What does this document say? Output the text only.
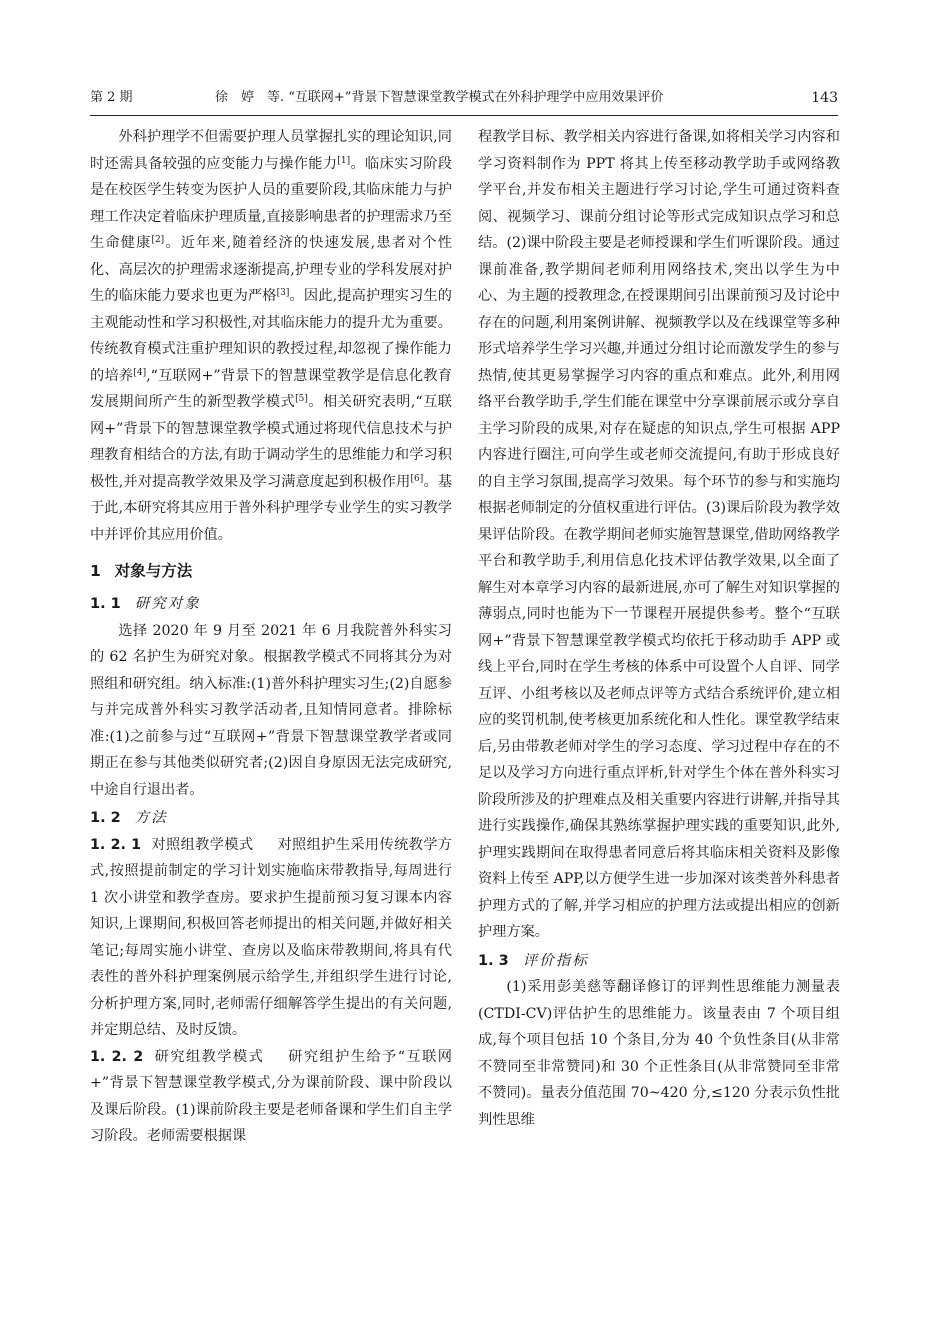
第 2 期	徐　婷　等. “互联网+”背景下智慧课堂教学模式在外科护理学中应用效果评价	143

外科护理学不但需要护理人员掌握扎实的理论知识,同时还需具备较强的应变能力与操作能力[1]。临床实习阶段是在校医学生转变为医护人员的重要阶段,其临床能力与护理工作决定着临床护理质量,直接影响患者的护理需求乃至生命健康[2]。近年来,随着经济的快速发展,患者对个性化、高层次的护理需求逐渐提高,护理专业的学科发展对护生的临床能力要求也更为严格[3]。因此,提高护理实习生的主观能动性和学习积极性,对其临床能力的提升尤为重要。传统教育模式注重护理知识的教授过程,却忽视了操作能力的培养[4],“互联网+”背景下的智慧课堂教学是信息化教育发展期间所产生的新型教学模式[5]。相关研究表明,“互联网+”背景下的智慧课堂教学模式通过将现代信息技术与护理教育相结合的方法,有助于调动学生的思维能力和学习积极性,并对提高教学效果及学习满意度起到积极作用[6]。基于此,本研究将其应用于普外科护理学专业学生的实习教学中并评价其应用价值。

1 对象与方法
1. 1 研究对象

选择 2020 年 9 月至 2021 年 6 月我院普外科实习的 62 名护生为研究对象。根据教学模式不同将其分为对照组和研究组。纳入标准:(1)普外科护理实习生;(2)自愿参与并完成普外科实习教学活动者,且知情同意者。排除标准:(1)之前参与过“互联网+”背景下智慧课堂教学者或同期正在参与其他类似研究者;(2)因自身原因无法完成研究,中途自行退出者。

1. 2 方法

1. 2. 1 对照组教学模式 对照组护生采用传统教学方式,按照提前制定的学习计划实施临床带教指导,每周进行 1 次小讲堂和教学查房。要求护生提前预习复习课本内容知识,上课期间,积极回答老师提出的相关问题,并做好相关笔记;每周实施小讲堂、查房以及临床带教期间,将具有代表性的普外科护理案例展示给学生,并组织学生进行讨论,分析护理方案,同时,老师需仔细解答学生提出的有关问题,并定期总结、及时反馈。

1. 2. 2 研究组教学模式 研究组护生给予“互联网+”背景下智慧课堂教学模式,分为课前阶段、课中阶段以及课后阶段。(1)课前阶段主要是老师备课和学生们自主学习阶段。老师需要根据课

程教学目标、教学相关内容进行备课,如将相关学习内容和学习资料制作为 PPT 将其上传至移动教学助手或网络教学平台,并发布相关主题进行学习讨论,学生可通过资料查阅、视频学习、课前分组讨论等形式完成知识点学习和总结。(2)课中阶段主要是老师授课和学生们听课阶段。通过课前准备,教学期间老师利用网络技术,突出以学生为中心、为主题的授教理念,在授课期间引出课前预习及讨论中存在的问题,利用案例讲解、视频教学以及在线课堂等多种形式培养学生学习兴趣,并通过分组讨论而激发学生的参与热情,使其更易掌握学习内容的重点和难点。此外,利用网络平台教学助手,学生们能在课堂中分享课前展示或分享自主学习阶段的成果,对存在疑虑的知识点,学生可根据 APP 内容进行圈注,可向学生或老师交流提问,有助于形成良好的自主学习氛围,提高学习效果。每个环节的参与和实施均根据老师制定的分值权重进行评估。(3)课后阶段为教学效果评估阶段。在教学期间老师实施智慧课堂,借助网络教学平台和教学助手,利用信息化技术评估教学效果,以全面了解生对本章学习内容的最新进展,亦可了解生对知识掌握的薄弱点,同时也能为下一节课程开展提供参考。整个“互联网+”背景下智慧课堂教学模式均依托于移动助手 APP 或线上平台,同时在学生考核的体系中可设置个人自评、同学互评、小组考核以及老师点评等方式结合系统评价,建立相应的奖罚机制,使考核更加系统化和人性化。课堂教学结束后,另由带教老师对学生的学习态度、学习过程中存在的不足以及学习方向进行重点评析,针对学生个体在普外科实习阶段所涉及的护理难点及相关重要内容进行讲解,并指导其进行实践操作,确保其熟练掌握护理实践的重要知识,此外,护理实践期间在取得患者同意后将其临床相关资料及影像资料上传至 APP,以方便学生进一步加深对该类普外科患者护理方式的了解,并学习相应的护理方法或提出相应的创新护理方案。

1. 3 评价指标

(1)采用彭美慈等翻译修订的评判性思维能力测量表(CTDI-CV)评估护生的思维能力。该量表由 7 个项目组成,每个项目包括 10 个条目,分为 40 个负性条目(从非常不赞同至非常赞同)和 30 个正性条目(从非常赞同至非常不赞同)。量表分值范围 70~420 分,≤120 分表示负性批判性思维
